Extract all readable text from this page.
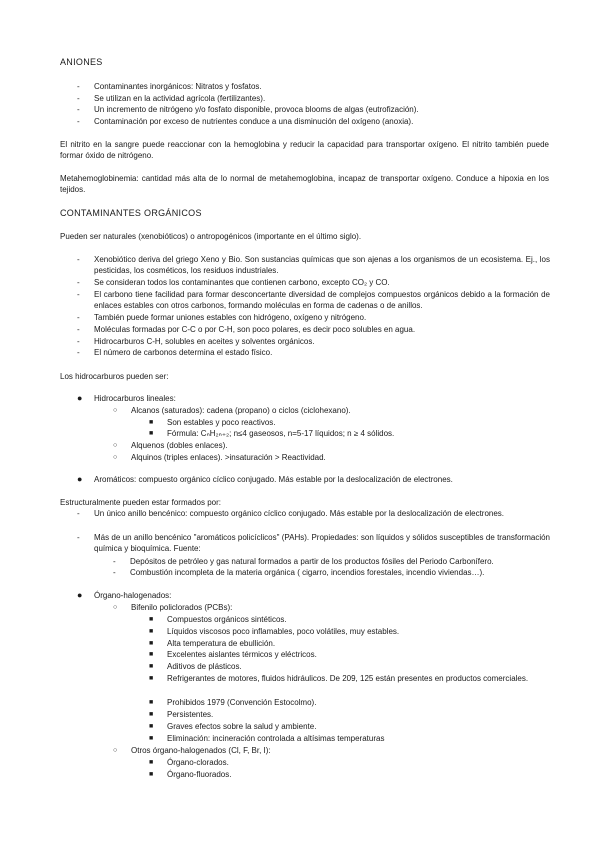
ANIONES
- Contaminantes inorgánicos: Nitratos y fosfatos.
- Se utilizan en la actividad agrícola (fertilizantes).
- Un incremento de nitrógeno y/o fosfato disponible, provoca blooms de algas (eutrofización).
- Contaminación por exceso de nutrientes conduce a una disminución del oxígeno (anoxia).
El nitrito en la sangre puede reaccionar con la hemoglobina y reducir la capacidad para transportar oxígeno. El nitrito también puede formar óxido de nitrógeno.
Metahemoglobinemia: cantidad más alta de lo normal de metahemoglobina, incapaz de transportar oxígeno. Conduce a hipoxia en los tejidos.
CONTAMINANTES ORGÁNICOS
Pueden ser naturales (xenobióticos) o antropogénicos (importante en el último siglo).
- Xenobiótico deriva del griego Xeno y Bio. Son sustancias químicas que son ajenas a los organismos de un ecosistema. Ej., los pesticidas, los cosméticos, los residuos industriales.
- Se consideran todos los contaminantes que contienen carbono, excepto CO₂ y CO.
- El carbono tiene facilidad para formar desconcertante diversidad de complejos compuestos orgánicos debido a la formación de enlaces estables con otros carbonos, formando moléculas en forma de cadenas o de anillos.
- También puede formar uniones estables con hidrógeno, oxígeno y nitrógeno.
- Moléculas formadas por C-C o por C-H, son poco polares, es decir poco solubles en agua.
- Hidrocarburos C-H, solubles en aceites y solventes orgánicos.
- El número de carbonos determina el estado físico.
Los hidrocarburos pueden ser:
● Hidrocarburos lineales:
○ Alcanos (saturados): cadena (propano) o ciclos (ciclohexano).
■ Son estables y poco reactivos.
■ Fórmula: CₙH₂ₙ₊₂; n≤4 gaseosos, n=5-17 líquidos; n ≥ 4 sólidos.
○ Alquenos (dobles enlaces).
○ Alquinos (triples enlaces). >insaturación > Reactividad.
● Aromáticos: compuesto orgánico cíclico conjugado. Más estable por la deslocalización de electrones.
Estructuralmente pueden estar formados por:
- Un único anillo bencénico: compuesto orgánico cíclico conjugado. Más estable por la deslocalización de electrones.
- Más de un anillo bencénico "aromáticos policíclicos" (PAHs). Propiedades: son líquidos y sólidos susceptibles de transformación química y bioquímica. Fuente:
- Depósitos de petróleo y gas natural formados a partir de los productos fósiles del Periodo Carbonífero.
- Combustión incompleta de la materia orgánica ( cigarro, incendios forestales, incendio viviendas…).
● Órgano-halogenados:
○ Bifenilo policlorados (PCBs):
■ Compuestos orgánicos sintéticos.
■ Líquidos viscosos poco inflamables, poco volátiles, muy estables.
■ Alta temperatura de ebullición.
■ Excelentes aislantes térmicos y eléctricos.
■ Aditivos de plásticos.
■ Refrigerantes de motores, fluidos hidráulicos. De 209, 125 están presentes en productos comerciales.
■ Prohibidos 1979 (Convención Estocolmo).
■ Persistentes.
■ Graves efectos sobre la salud y ambiente.
■ Eliminación: incineración controlada a altísimas temperaturas
○ Otros órgano-halogenados (Cl, F, Br, I):
■ Órgano-clorados.
■ Órgano-fluorados.
